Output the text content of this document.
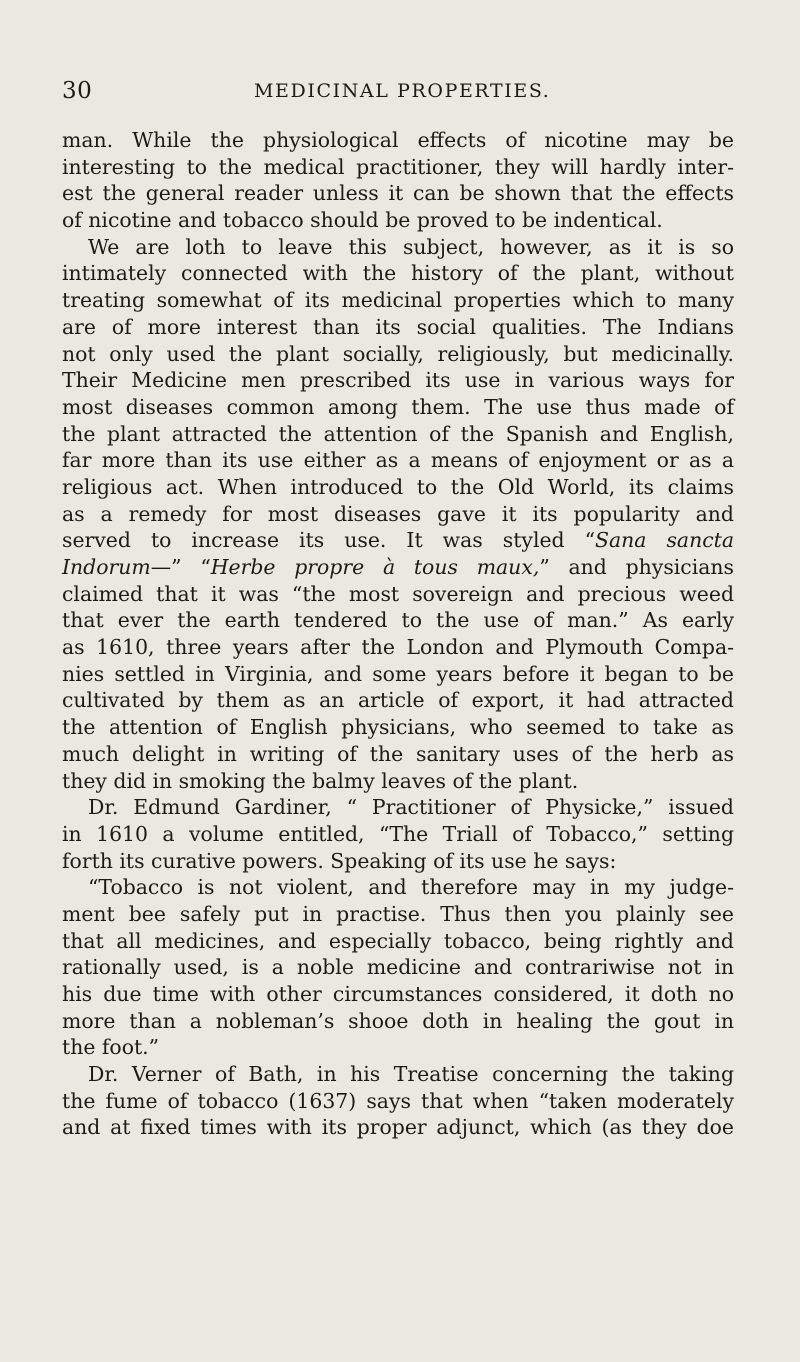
30	MEDICINAL PROPERTIES.
man. While the physiological effects of nicotine may be
interesting to the medical practitioner, they will hardly inter-
est the general reader unless it can be shown that the effects
of nicotine and tobacco should be proved to be indentical.
We are loth to leave this subject, however, as it is so
intimately connected with the history of the plant, without
treating somewhat of its medicinal properties which to many
are of more interest than its social qualities. The Indians
not only used the plant socially, religiously, but medicinally.
Their Medicine men prescribed its use in various ways for
most diseases common among them. The use thus made of
the plant attracted the attention of the Spanish and English,
far more than its use either as a means of enjoyment or as a
religious act. When introduced to the Old World, its claims
as a remedy for most diseases gave it its popularity and
served to increase its use. It was styled “Sana sancta
Indorum—” “Herbe propre à tous maux,” and physicians
claimed that it was “the most sovereign and precious weed
that ever the earth tendered to the use of man.” As early
as 1610, three years after the London and Plymouth Compa-
nies settled in Virginia, and some years before it began to be
cultivated by them as an article of export, it had attracted
the attention of English physicians, who seemed to take as
much delight in writing of the sanitary uses of the herb as
they did in smoking the balmy leaves of the plant.
Dr. Edmund Gardiner, “ Practitioner of Physicke,” issued
in 1610 a volume entitled, “The Triall of Tobacco,” setting
forth its curative powers. Speaking of its use he says:
“Tobacco is not violent, and therefore may in my judge-
ment bee safely put in practise. Thus then you plainly see
that all medicines, and especially tobacco, being rightly and
rationally used, is a noble medicine and contrariwise not in
his due time with other circumstances considered, it doth no
more than a nobleman’s shooe doth in healing the gout in
the foot.”
Dr. Verner of Bath, in his Treatise concerning the taking
the fume of tobacco (1637) says that when “taken moderately
and at fixed times with its proper adjunct, which (as they doe
